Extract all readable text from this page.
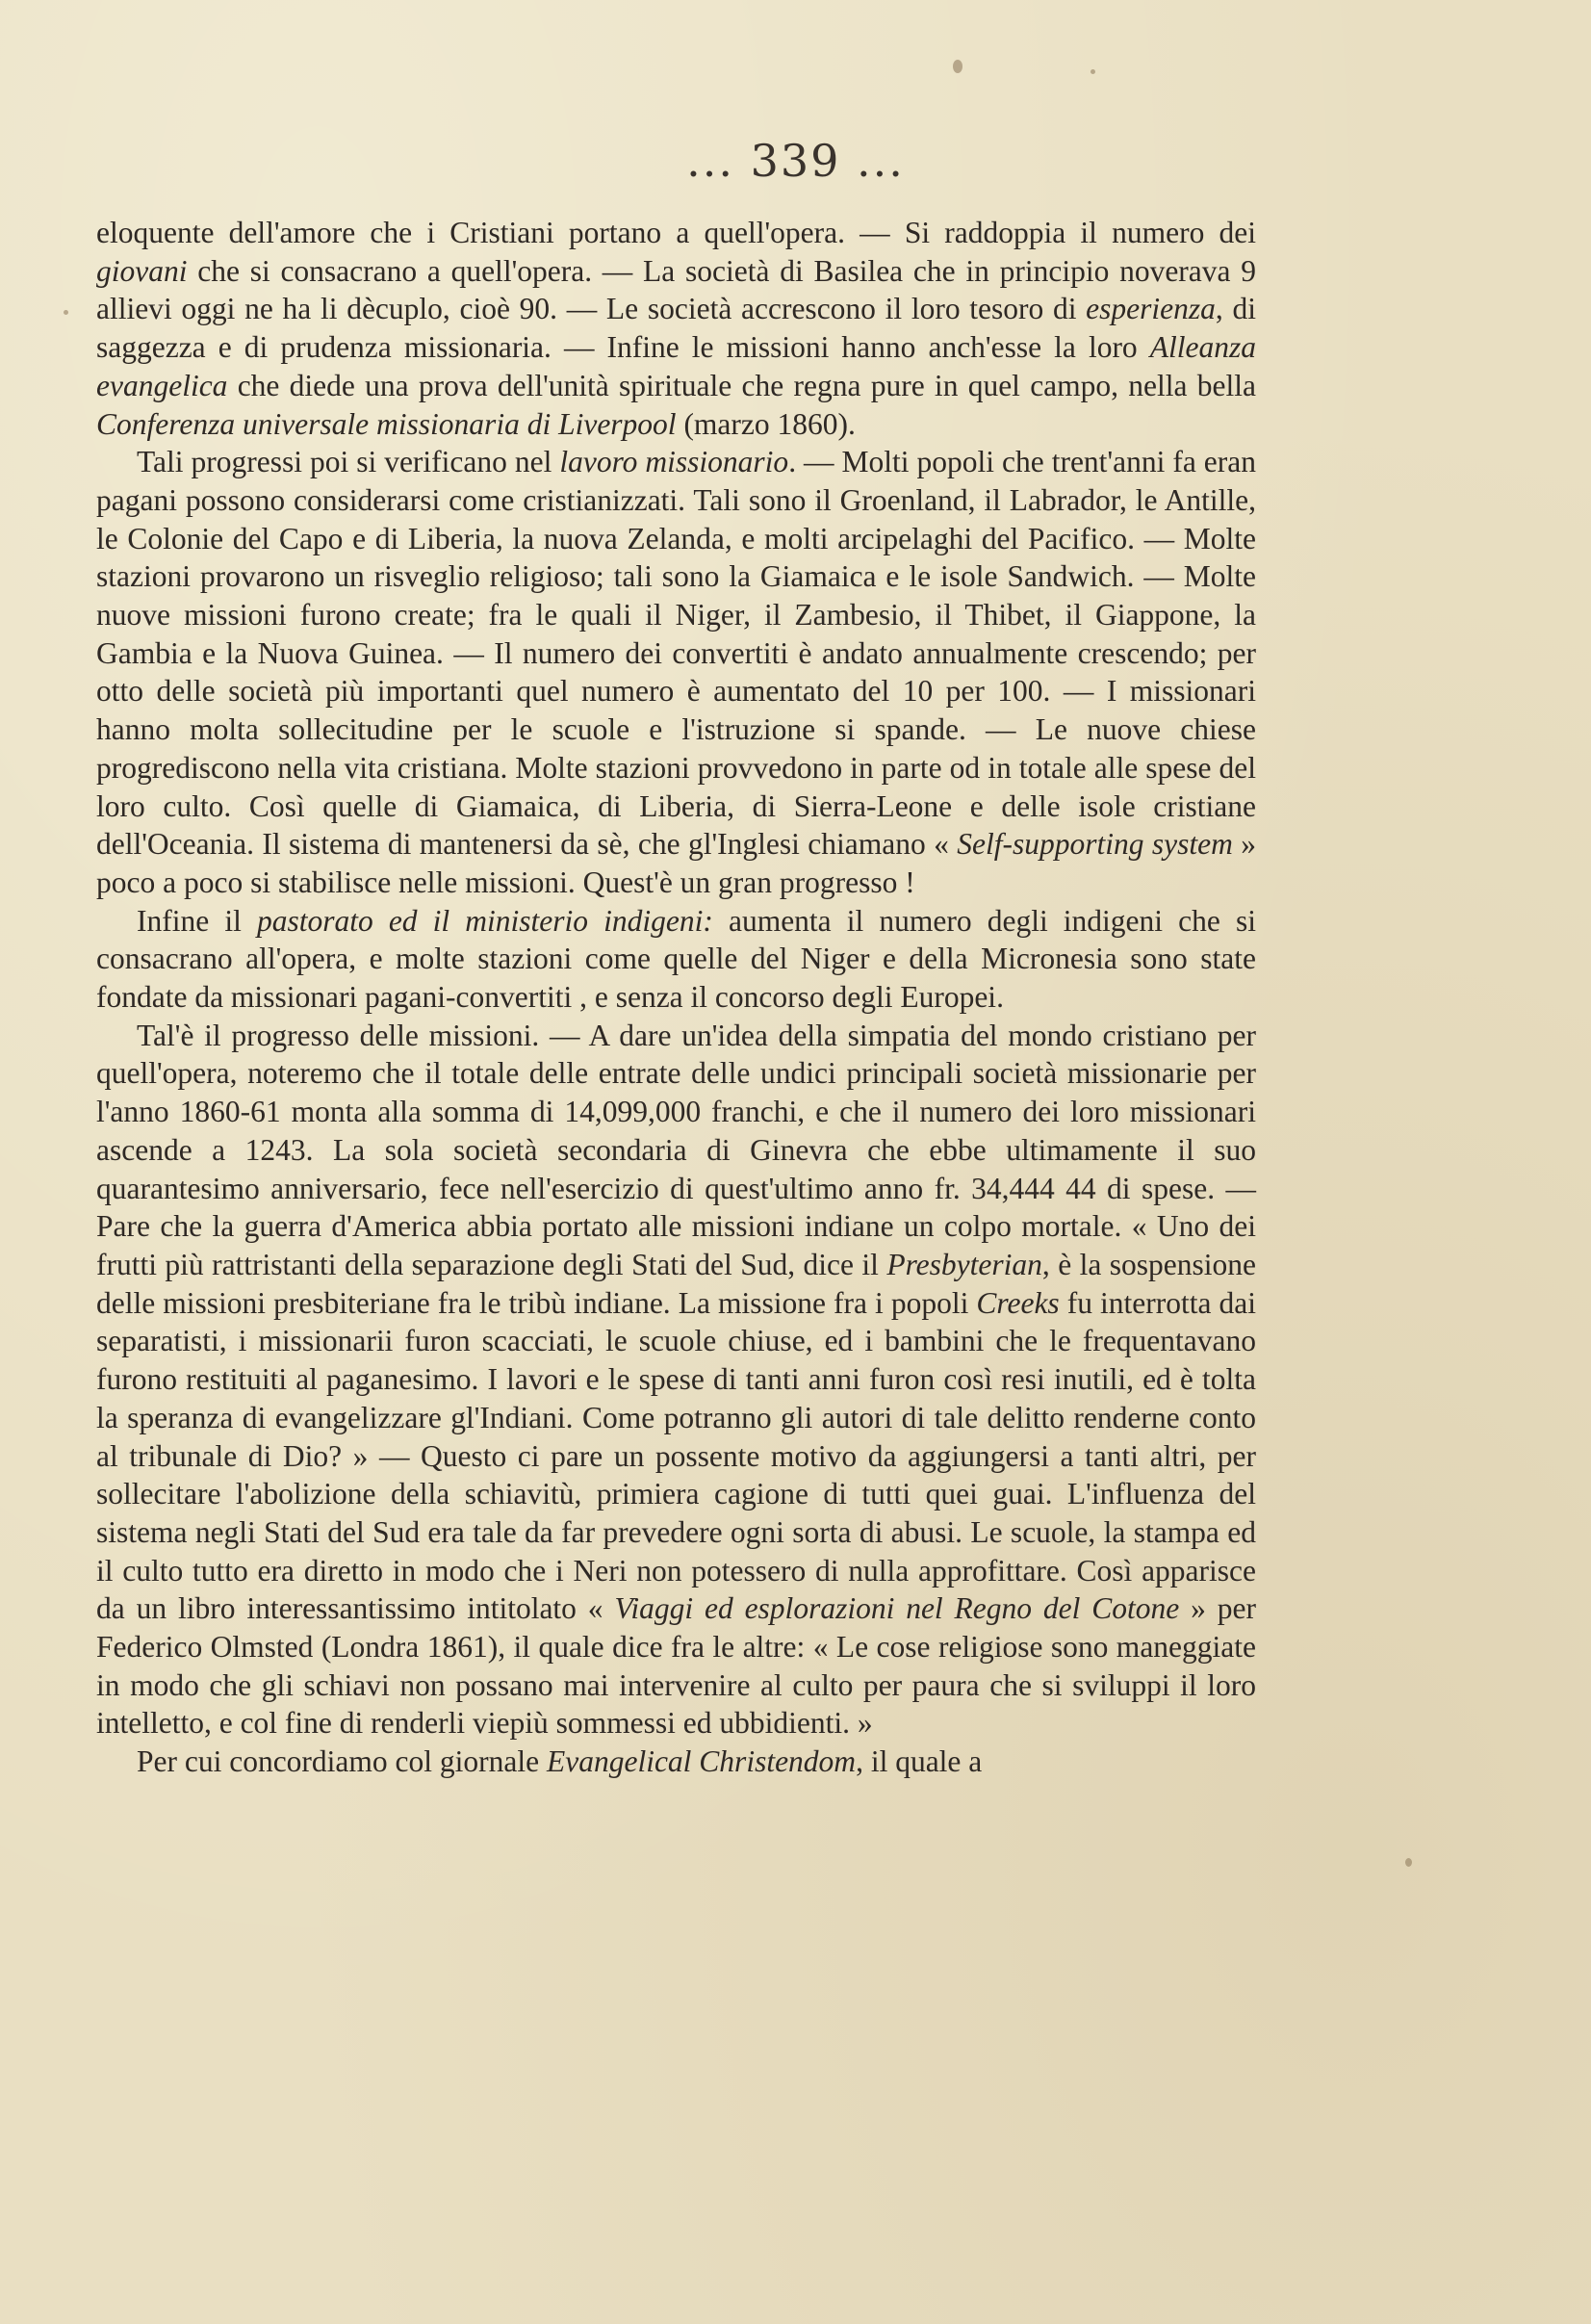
... 339 ...

eloquente dell'amore che i Cristiani portano a quell'opera. — Si raddoppia il numero dei giovani che si consacrano a quell'opera. — La società di Basilea che in principio noverava 9 allievi oggi ne ha li dècuplo, cioè 90. — Le società accrescono il loro tesoro di esperienza, di saggezza e di prudenza missionaria. — Infine le missioni hanno anch'esse la loro Alleanza evangelica che diede una prova dell'unità spirituale che regna pure in quel campo, nella bella Conferenza universale missionaria di Liverpool (marzo 1860).

Tali progressi poi si verificano nel lavoro missionario. — Molti popoli che trent'anni fa eran pagani possono considerarsi come cristianizzati. Tali sono il Groenland, il Labrador, le Antille, le Colonie del Capo e di Liberia, la nuova Zelanda, e molti arcipelaghi del Pacifico. — Molte stazioni provarono un risveglio religioso; tali sono la Giamaica e le isole Sandwich. — Molte nuove missioni furono create; fra le quali il Niger, il Zambesio, il Thibet, il Giappone, la Gambia e la Nuova Guinea. — Il numero dei convertiti è andato annualmente crescendo; per otto delle società più importanti quel numero è aumentato del 10 per 100. — I missionari hanno molta sollecitudine per le scuole e l'istruzione si spande. — Le nuove chiese progrediscono nella vita cristiana. Molte stazioni provvedono in parte od in totale alle spese del loro culto. Così quelle di Giamaica, di Liberia, di Sierra-Leone e delle isole cristiane dell'Oceania. Il sistema di mantenersi da sè, che gl'Inglesi chiamano « Self-supporting system » poco a poco si stabilisce nelle missioni. Quest'è un gran progresso !

Infine il pastorato ed il ministerio indigeni: aumenta il numero degli indigeni che si consacrano all'opera, e molte stazioni come quelle del Niger e della Micronesia sono state fondate da missionari pagani-convertiti , e senza il concorso degli Europei.

Tal'è il progresso delle missioni. — A dare un'idea della simpatia del mondo cristiano per quell'opera, noteremo che il totale delle entrate delle undici principali società missionarie per l'anno 1860-61 monta alla somma di 14,099,000 franchi, e che il numero dei loro missionari ascende a 1243. La sola società secondaria di Ginevra che ebbe ultimamente il suo quarantesimo anniversario, fece nell'esercizio di quest'ultimo anno fr. 34,444 44 di spese. — Pare che la guerra d'America abbia portato alle missioni indiane un colpo mortale. « Uno dei frutti più rattristanti della separazione degli Stati del Sud, dice il Presbyterian, è la sospensione delle missioni presbiteriane fra le tribù indiane. La missione fra i popoli Creeks fu interrotta dai separatisti, i missionarii furon scacciati, le scuole chiuse, ed i bambini che le frequentavano furono restituiti al paganesimo. I lavori e le spese di tanti anni furon così resi inutili, ed è tolta la speranza di evangelizzare gl'Indiani. Come potranno gli autori di tale delitto renderne conto al tribunale di Dio? » — Questo ci pare un possente motivo da aggiungersi a tanti altri, per sollecitare l'abolizione della schiavitù, primiera cagione di tutti quei guai. L'influenza del sistema negli Stati del Sud era tale da far prevedere ogni sorta di abusi. Le scuole, la stampa ed il culto tutto era diretto in modo che i Neri non potessero di nulla approfittare. Così apparisce da un libro interessantissimo intitolato « Viaggi ed esplorazioni nel Regno del Cotone » per Federico Olmsted (Londra 1861), il quale dice fra le altre: « Le cose religiose sono maneggiate in modo che gli schiavi non possano mai intervenire al culto per paura che si sviluppi il loro intelletto, e col fine di renderli viepiù sommessi ed ubbidienti. »

Per cui concordiamo col giornale Evangelical Christendom, il quale a
